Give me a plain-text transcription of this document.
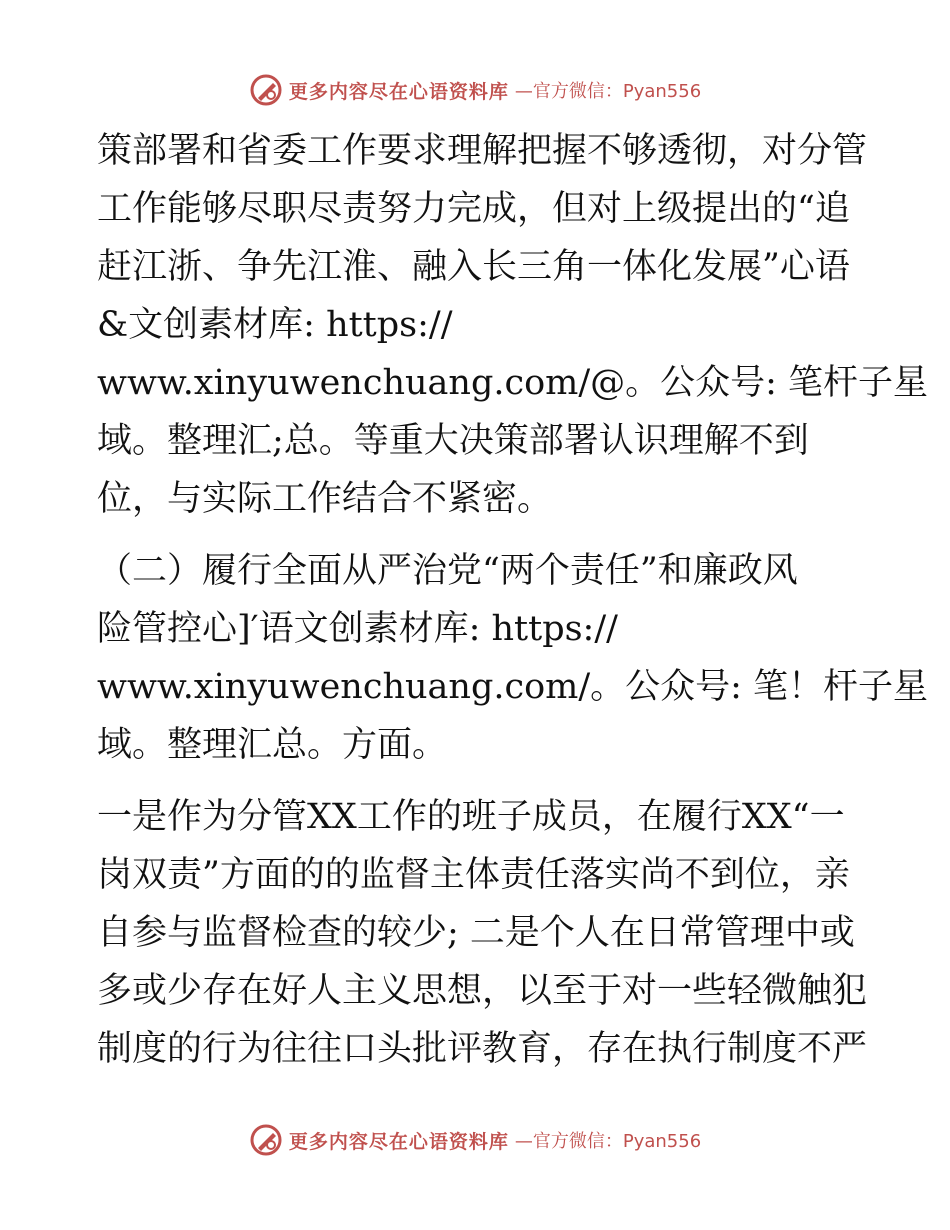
更多内容尽在心语资料库 —官方微信：Pyan556

策部署和省委工作要求理解把握不够透彻，对分管
工作能够尽职尽责努力完成，但对上级提出的“追
赶江浙、争先江淮、融入长三角一体化发展”心语
&文创素材库: https://
www.xinyuwenchuang.com/@。公众号: 笔杆子星
域。整理汇;总。等重大决策部署认识理解不到
位，与实际工作结合不紧密。

（二）履行全面从严治党“两个责任”和廉政风
险管控心]′语文创素材库: https://
www.xinyuwenchuang.com/。公众号: 笔！杆子星
域。整理汇总。方面。

一是作为分管XX工作的班子成员，在履行XX“一
岗双责”方面的的监督主体责任落实尚不到位，亲
自参与监督检查的较少; 二是个人在日常管理中或
多或少存在好人主义思想，以至于对一些轻微触犯
制度的行为往往口头批评教育，存在执行制度不严

更多内容尽在心语资料库 —官方微信：Pyan556
